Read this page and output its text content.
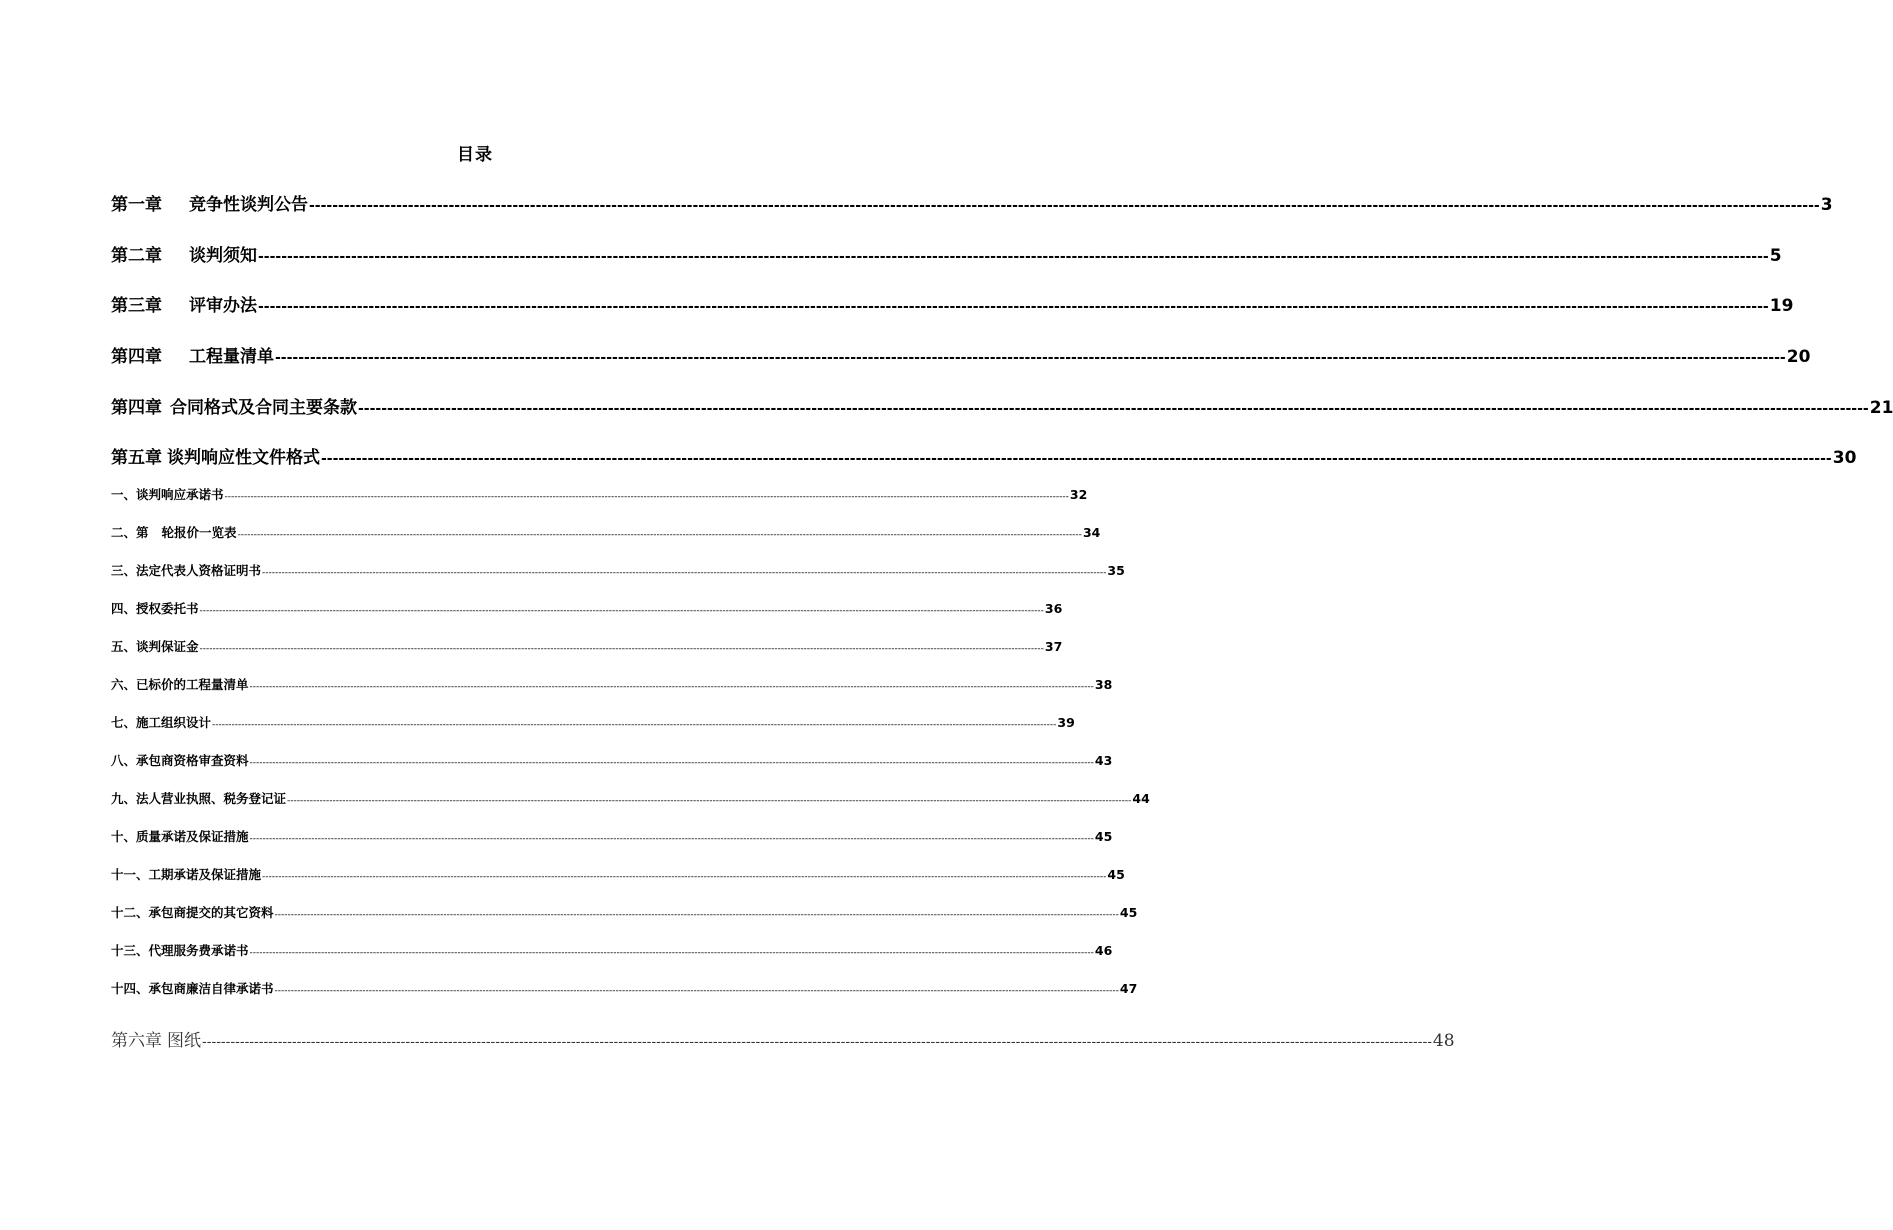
目录
第一章 竞争性谈判公告 -------------------------------------------------------------------------------------------------------------------------------------------------------------------------------------------------------------------------------------------------------------------- 3
第二章 谈判须知 -------------------------------------------------------------------------------------------------------------------------------------------------------------------------------------------------------------------------------------------------------------------- 5
第三章 评审办法 -------------------------------------------------------------------------------------------------------------------------------------------------------------------------------------------------------------------------------------------------------------------- 19
第四章 工程量清单 -------------------------------------------------------------------------------------------------------------------------------------------------------------------------------------------------------------------------------------------------------------------- 20
第四章 合同格式及合同主要条款 -------------------------------------------------------------------------------------------------------------------------------------------------------------------------------------------------------------------------------------------------------------------- 21
第五章 谈判响应性文件格式 -------------------------------------------------------------------------------------------------------------------------------------------------------------------------------------------------------------------------------------------------------------------- 30
一、谈判响应承诺书 -------------------------------------------------------------------------------------------------------------------------------------------------------------------------------------------------------------------------------------------------------------------- 32
二、第   轮报价一览表 -------------------------------------------------------------------------------------------------------------------------------------------------------------------------------------------------------------------------------------------------------------------- 34
三、法定代表人资格证明书 -------------------------------------------------------------------------------------------------------------------------------------------------------------------------------------------------------------------------------------------------------------------- 35
四、授权委托书 -------------------------------------------------------------------------------------------------------------------------------------------------------------------------------------------------------------------------------------------------------------------- 36
五、谈判保证金 -------------------------------------------------------------------------------------------------------------------------------------------------------------------------------------------------------------------------------------------------------------------- 37
六、已标价的工程量清单 -------------------------------------------------------------------------------------------------------------------------------------------------------------------------------------------------------------------------------------------------------------------- 38
七、施工组织设计 -------------------------------------------------------------------------------------------------------------------------------------------------------------------------------------------------------------------------------------------------------------------- 39
八、承包商资格审查资料 -------------------------------------------------------------------------------------------------------------------------------------------------------------------------------------------------------------------------------------------------------------------- 43
九、法人营业执照、税务登记证 -------------------------------------------------------------------------------------------------------------------------------------------------------------------------------------------------------------------------------------------------------------------- 44
十、质量承诺及保证措施 -------------------------------------------------------------------------------------------------------------------------------------------------------------------------------------------------------------------------------------------------------------------- 45
十一、工期承诺及保证措施 -------------------------------------------------------------------------------------------------------------------------------------------------------------------------------------------------------------------------------------------------------------------- 45
十二、承包商提交的其它资料 -------------------------------------------------------------------------------------------------------------------------------------------------------------------------------------------------------------------------------------------------------------------- 45
十三、代理服务费承诺书 -------------------------------------------------------------------------------------------------------------------------------------------------------------------------------------------------------------------------------------------------------------------- 46
十四、承包商廉洁自律承诺书 -------------------------------------------------------------------------------------------------------------------------------------------------------------------------------------------------------------------------------------------------------------------- 47
第六章 图纸 -------------------------------------------------------------------------------------------------------------------------------------------------------------------------------------------------------------------------------------------------------------------- 48
